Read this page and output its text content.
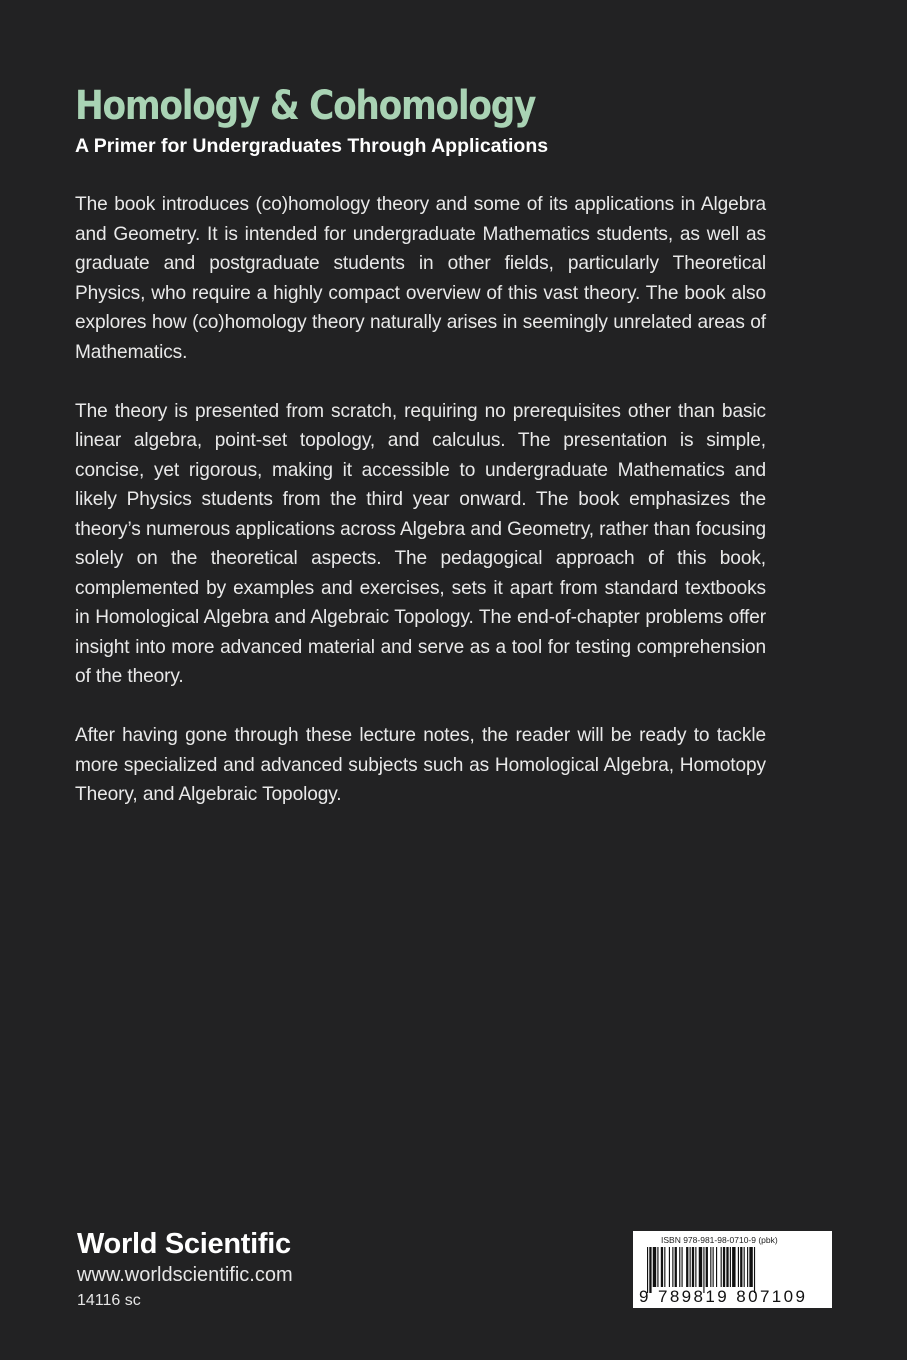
Homology & Cohomology
A Primer for Undergraduates Through Applications

The book introduces (co)homology theory and some of its applications in Algebra and Geometry. It is intended for undergraduate Mathematics students, as well as graduate and postgraduate students in other fields, particularly Theoretical Physics, who require a highly compact overview of this vast theory. The book also explores how (co)homology theory naturally arises in seemingly unrelated areas of Mathematics.

The theory is presented from scratch, requiring no prerequisites other than basic linear algebra, point-set topology, and calculus. The presentation is simple, concise, yet rigorous, making it accessible to undergraduate Mathematics and likely Physics students from the third year onward. The book emphasizes the theory’s numerous applications across Algebra and Geometry, rather than focusing solely on the theoretical aspects. The pedagogical approach of this book, complemented by examples and exercises, sets it apart from standard textbooks in Homological Algebra and Algebraic Topology. The end-of-chapter problems offer insight into more advanced material and serve as a tool for testing comprehension of the theory.

After having gone through these lecture notes, the reader will be ready to tackle more specialized and advanced subjects such as Homological Algebra, Homotopy Theory, and Algebraic Topology.

World Scientific
www.worldscientific.com
14116 sc
ISBN 978-981-98-0710-9 (pbk)
9 789819 807109
